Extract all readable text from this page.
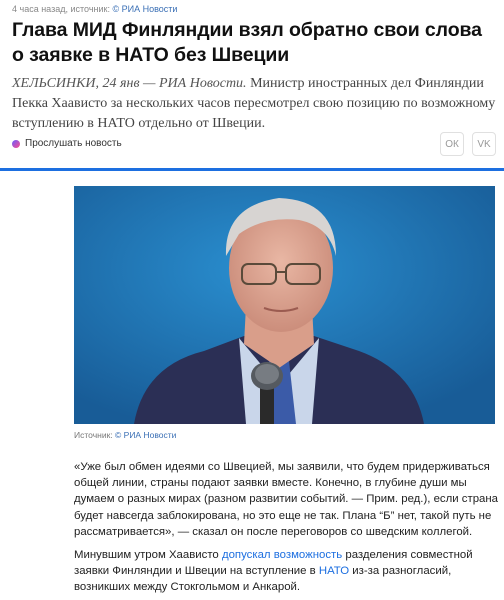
4 часа назад, источник: © РИА Новости
Глава МИД Финляндии взял обратно свои слова о заявке в НАТО без Швеции
ХЕЛЬСИНКИ, 24 янв — РИА Новости. Министр иностранных дел Финляндии Пекка Хаависто за нескольких часов пересмотрел свою позицию по возможному вступлению в НАТО отдельно от Швеции.
Прослушать новость	ОК VK
Источник: © РИА Новости

«Уже был обмен идеями со Швецией, мы заявили, что будем придерживаться общей линии, страны подают заявки вместе. Конечно, в глубине души мы думаем о разных мирах (разном развитии событий. — Прим. ред.), если страна будет навсегда заблокирована, но это еще не так. Плана “Б” нет, такой путь не рассматривается», — сказал он после переговоров со шведским коллегой.

Минувшим утром Хаависто допускал возможность разделения совместной заявки Финляндии и Швеции на вступление в НАТО из-за разногласий, возникших между Стокгольмом и Анкарой.
